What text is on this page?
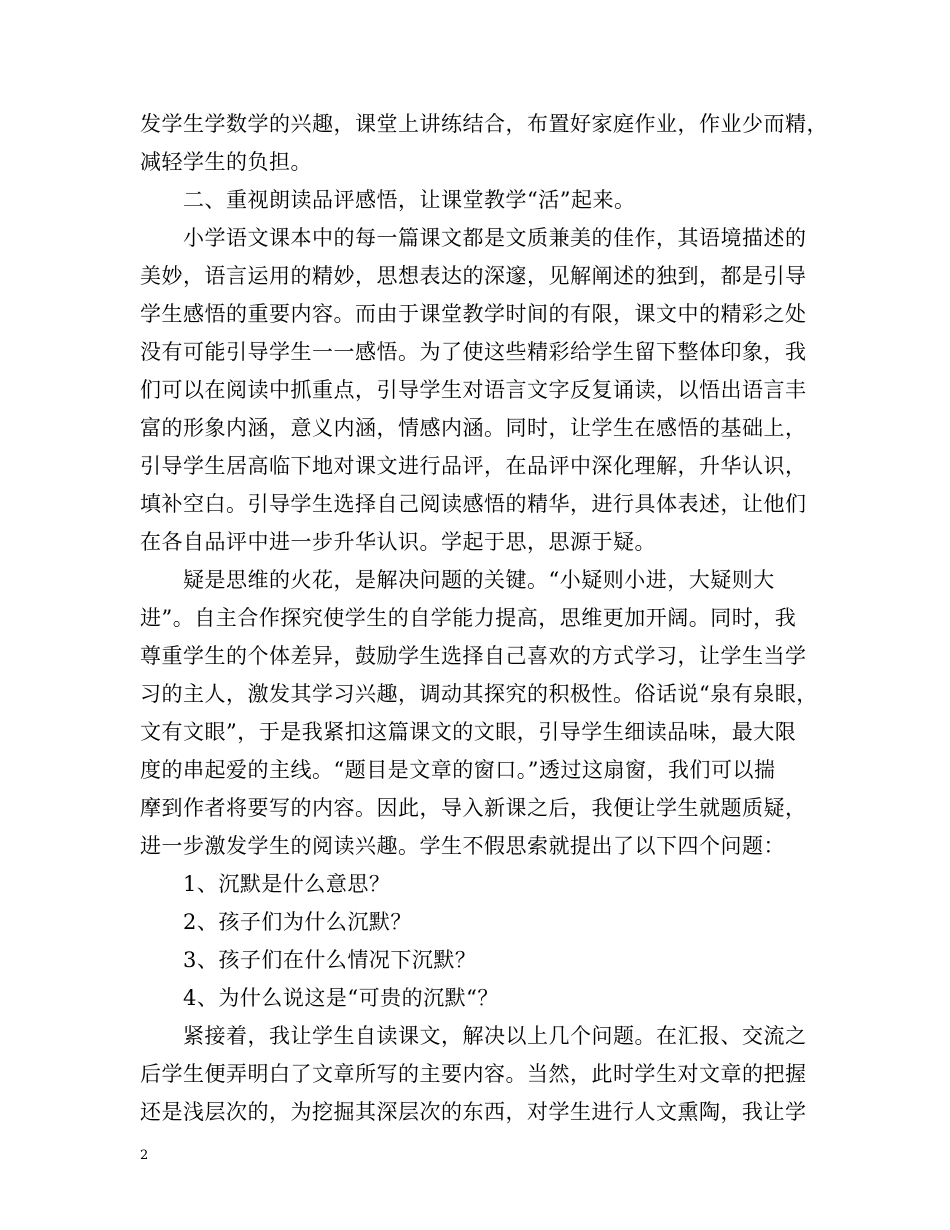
发学生学数学的兴趣，课堂上讲练结合，布置好家庭作业，作业少而精，
减轻学生的负担。
　　二、重视朗读品评感悟，让课堂教学“活”起来。
　　小学语文课本中的每一篇课文都是文质兼美的佳作，其语境描述的
美妙，语言运用的精妙，思想表达的深邃，见解阐述的独到，都是引导
学生感悟的重要内容。而由于课堂教学时间的有限，课文中的精彩之处
没有可能引导学生一一感悟。为了使这些精彩给学生留下整体印象，我
们可以在阅读中抓重点，引导学生对语言文字反复诵读，以悟出语言丰
富的形象内涵，意义内涵，情感内涵。同时，让学生在感悟的基础上，
引导学生居高临下地对课文进行品评，在品评中深化理解，升华认识，
填补空白。引导学生选择自己阅读感悟的精华，进行具体表述，让他们
在各自品评中进一步升华认识。学起于思，思源于疑。
　　疑是思维的火花，是解决问题的关键。“小疑则小进，大疑则大
进”。自主合作探究使学生的自学能力提高，思维更加开阔。同时，我
尊重学生的个体差异，鼓励学生选择自己喜欢的方式学习，让学生当学
习的主人，激发其学习兴趣，调动其探究的积极性。俗话说“泉有泉眼，
文有文眼”，于是我紧扣这篇课文的文眼，引导学生细读品味，最大限
度的串起爱的主线。“题目是文章的窗口。”透过这扇窗，我们可以揣
摩到作者将要写的内容。因此，导入新课之后，我便让学生就题质疑，
进一步激发学生的阅读兴趣。学生不假思索就提出了以下四个问题：
　　1、沉默是什么意思？
　　2、孩子们为什么沉默？
　　3、孩子们在什么情况下沉默？
　　4、为什么说这是“可贵的沉默“？
　　紧接着，我让学生自读课文，解决以上几个问题。在汇报、交流之
后学生便弄明白了文章所写的主要内容。当然，此时学生对文章的把握
还是浅层次的，为挖掘其深层次的东西，对学生进行人文熏陶，我让学
2
